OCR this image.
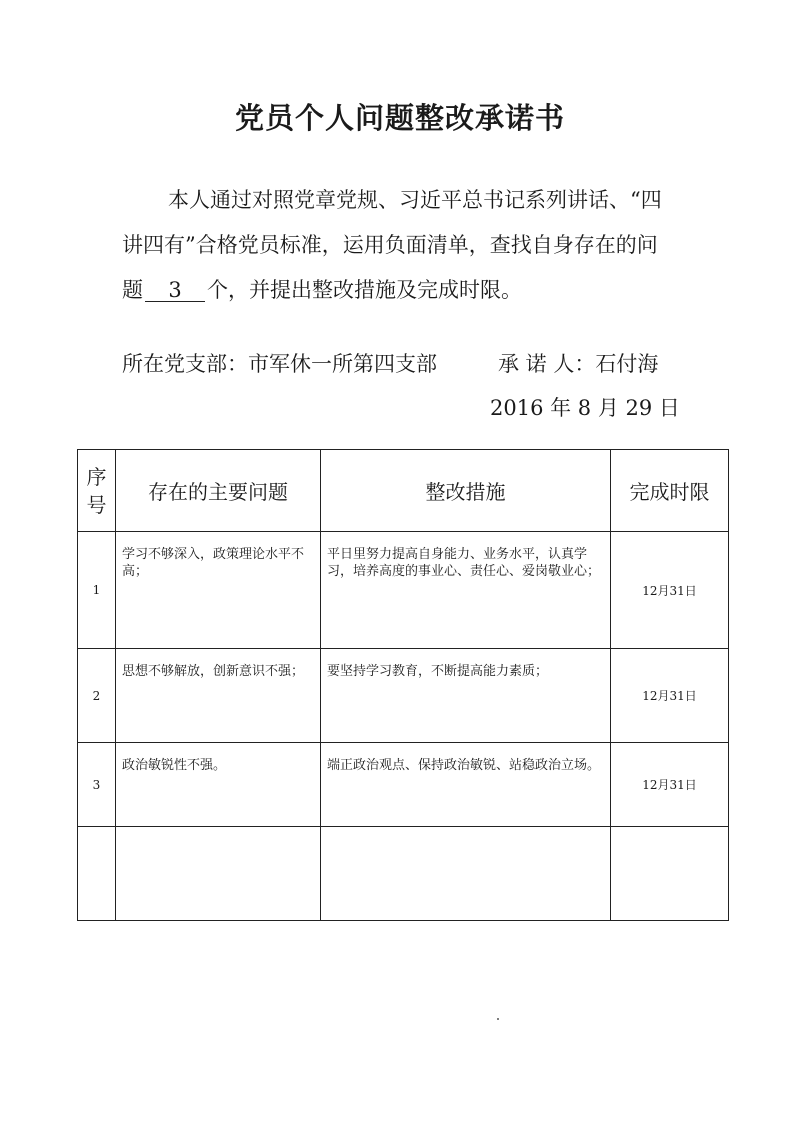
党员个人问题整改承诺书
本人通过对照党章党规、习近平总书记系列讲话、“四
讲四有”合格党员标准，运用负面清单，查找自身存在的问
题 3 个，并提出整改措施及完成时限。
所在党支部：市军休一所第四支部	承 诺 人：石付海
2016 年 8 月 29 日
序
号	存在的主要问题	整改措施	完成时限
1	学习不够深入，政策理论水平不高；	平日里努力提高自身能力、业务水平，认真学习，培养高度的事业心、责任心、爱岗敬业心；	12月31日
2	思想不够解放，创新意识不强；	要坚持学习教育，不断提高能力素质；	12月31日
3	政治敏锐性不强。	端正政治观点、保持政治敏锐、站稳政治立场。	12月31日
